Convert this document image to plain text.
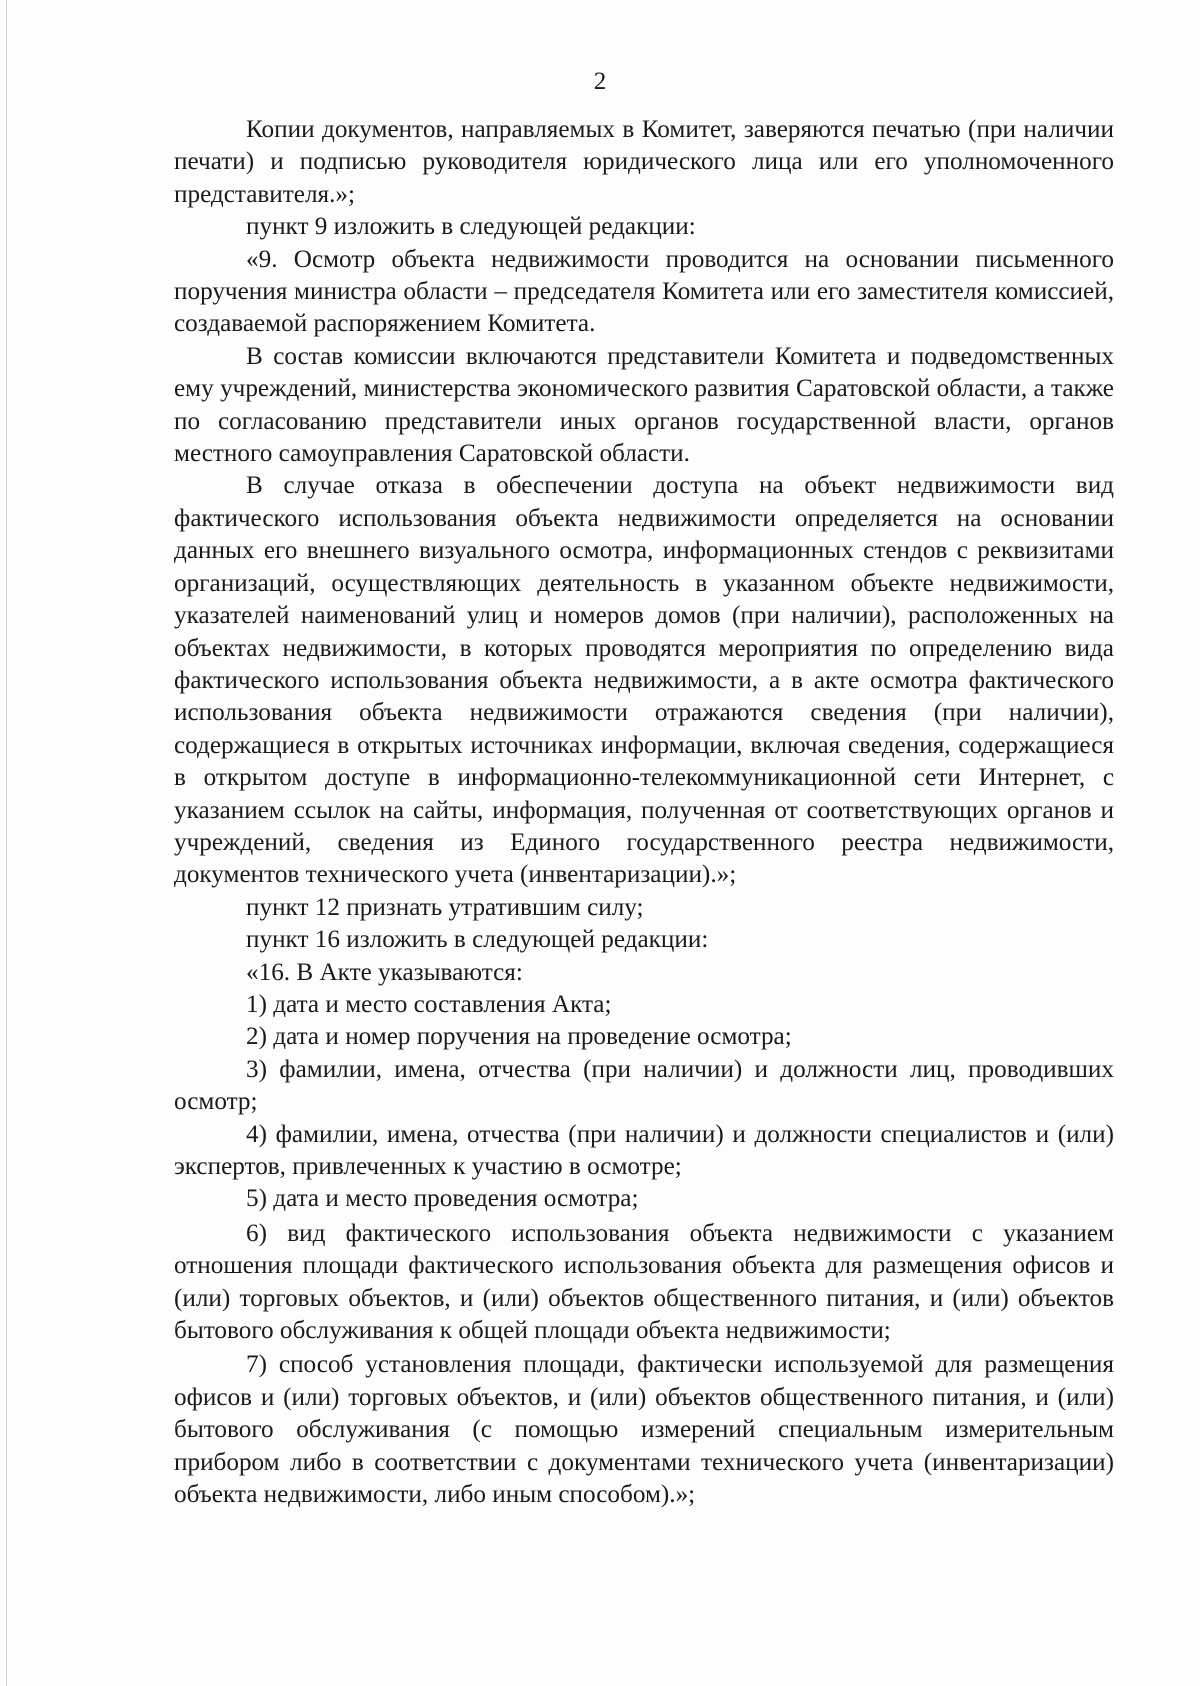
2

Копии документов, направляемых в Комитет, заверяются печатью (при наличии печати) и подписью руководителя юридического лица или его уполномоченного представителя.»;

пункт 9 изложить в следующей редакции:

«9. Осмотр объекта недвижимости проводится на основании письменного поручения министра области – председателя Комитета или его заместителя комиссией, создаваемой распоряжением Комитета.

В состав комиссии включаются представители Комитета и подведомственных ему учреждений, министерства экономического развития Саратовской области, а также по согласованию представители иных органов государственной власти, органов местного самоуправления Саратовской области.

В случае отказа в обеспечении доступа на объект недвижимости вид фактического использования объекта недвижимости определяется на основании данных его внешнего визуального осмотра, информационных стендов с реквизитами организаций, осуществляющих деятельность в указанном объекте недвижимости, указателей наименований улиц и номеров домов (при наличии), расположенных на объектах недвижимости, в которых проводятся мероприятия по определению вида фактического использования объекта недвижимости, а в акте осмотра фактического использования объекта недвижимости отражаются сведения (при наличии), содержащиеся в открытых источниках информации, включая сведения, содержащиеся в открытом доступе в информационно-телекоммуникационной сети Интернет, с указанием ссылок на сайты, информация, полученная от соответствующих органов и учреждений, сведения из Единого государственного реестра недвижимости, документов технического учета (инвентаризации).»;

пункт 12 признать утратившим силу;

пункт 16 изложить в следующей редакции:

«16. В Акте указываются:

1) дата и место составления Акта;

2) дата и номер поручения на проведение осмотра;

3) фамилии, имена, отчества (при наличии) и должности лиц, проводивших осмотр;

4) фамилии, имена, отчества (при наличии) и должности специалистов и (или) экспертов, привлеченных к участию в осмотре;

5) дата и место проведения осмотра;

6) вид фактического использования объекта недвижимости с указанием отношения площади фактического использования объекта для размещения офисов и (или) торговых объектов, и (или) объектов общественного питания, и (или) объектов бытового обслуживания к общей площади объекта недвижимости;

7) способ установления площади, фактически используемой для размещения офисов и (или) торговых объектов, и (или) объектов общественного питания, и (или) бытового обслуживания (с помощью измерений специальным измерительным прибором либо в соответствии с документами технического учета (инвентаризации) объекта недвижимости, либо иным способом).»;
